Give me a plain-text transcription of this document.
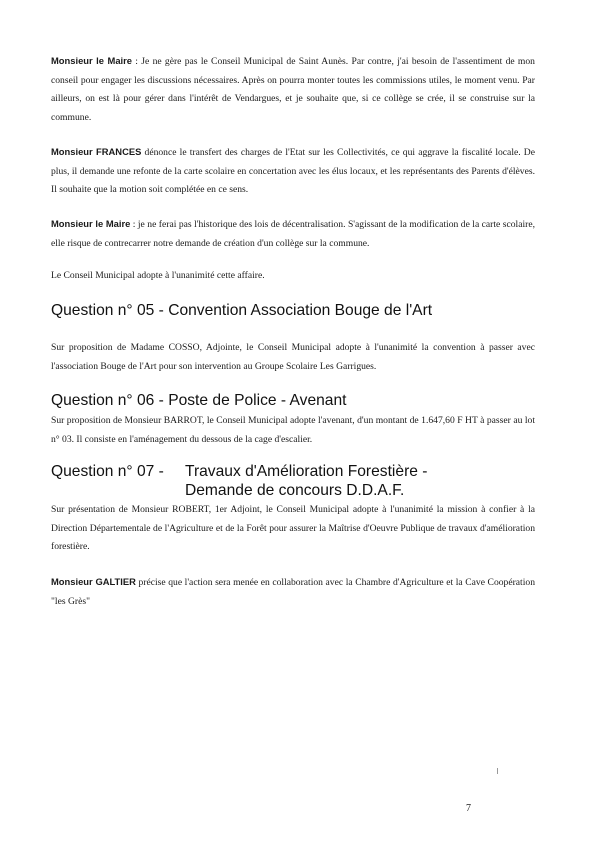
Monsieur le Maire : Je ne gère pas le Conseil Municipal de Saint Aunès. Par contre, j'ai besoin de l'assentiment de mon conseil pour engager les discussions nécessaires. Après on pourra monter toutes les commissions utiles, le moment venu. Par ailleurs, on est là pour gérer dans l'intérêt de Vendargues, et je souhaite que, si ce collège se crée, il se construise sur la commune.

Monsieur FRANCES dénonce le transfert des charges de l'Etat sur les Collectivités, ce qui aggrave la fiscalité locale. De plus, il demande une refonte de la carte scolaire en concertation avec les élus locaux, et les représentants des Parents d'élèves. Il souhaite que la motion soit complétée en ce sens.

Monsieur le Maire : je ne ferai pas l'historique des lois de décentralisation. S'agissant de la modification de la carte scolaire, elle risque de contrecarrer notre demande de création d'un collège sur la commune.

Le Conseil Municipal adopte à l'unanimité cette affaire.

Question n° 05 - Convention Association Bouge de l'Art

Sur proposition de Madame COSSO, Adjointe, le Conseil Municipal adopte à l'unanimité la convention à passer avec l'association Bouge de l'Art pour son intervention au Groupe Scolaire Les Garrigues.

Question n° 06 - Poste de Police - Avenant

Sur proposition de Monsieur BARROT, le Conseil Municipal adopte l'avenant, d'un montant de 1.647,60 F HT à passer au lot n° 03. Il consiste en l'aménagement du dessous de la cage d'escalier.

Question n° 07 - Travaux d'Amélioration Forestière -
Demande de concours D.D.A.F.

Sur présentation de Monsieur ROBERT, 1er Adjoint, le Conseil Municipal adopte à l'unanimité la mission à confier à la Direction Départementale de l'Agriculture et de la Forêt pour assurer la Maîtrise d'Oeuvre Publique de travaux d'amélioration forestière.

Monsieur GALTIER précise que l'action sera menée en collaboration avec la Chambre d'Agriculture et la Cave Coopération "les Grès"

7
